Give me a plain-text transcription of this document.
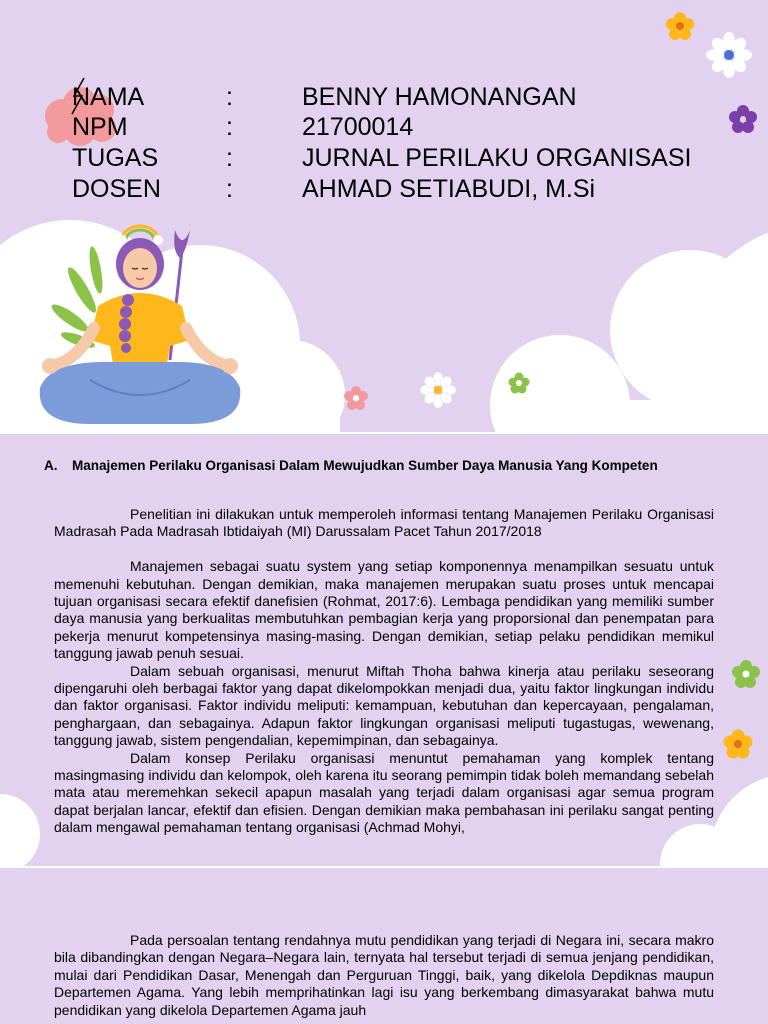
NAMA	:	BENNY HAMONANGAN
NPM	:	21700014
TUGAS	:	JURNAL PERILAKU ORGANISASI
DOSEN	:	AHMAD SETIABUDI, M.Si
A. Manajemen Perilaku Organisasi Dalam Mewujudkan Sumber Daya Manusia Yang Kompeten

Penelitian ini dilakukan untuk memperoleh informasi tentang Manajemen Perilaku Organisasi Madrasah Pada Madrasah Ibtidaiyah (MI) Darussalam Pacet Tahun 2017/2018

Manajemen sebagai suatu system yang setiap komponennya menampilkan sesuatu untuk memenuhi kebutuhan. Dengan demikian, maka manajemen merupakan suatu proses untuk mencapai tujuan organisasi secara efektif danefisien (Rohmat, 2017:6). Lembaga pendidikan yang memiliki sumber daya manusia yang berkualitas membutuhkan pembagian kerja yang proporsional dan penempatan para pekerja menurut kompetensinya masing-masing. Dengan demikian, setiap pelaku pendidikan memikul tanggung jawab penuh sesuai.

Dalam sebuah organisasi, menurut Miftah Thoha bahwa kinerja atau perilaku seseorang dipengaruhi oleh berbagai faktor yang dapat dikelompokkan menjadi dua, yaitu faktor lingkungan individu dan faktor organisasi. Faktor individu meliputi: kemampuan, kebutuhan dan kepercayaan, pengalaman, penghargaan, dan sebagainya. Adapun faktor lingkungan organisasi meliputi tugastugas, wewenang, tanggung jawab, sistem pengendalian, kepemimpinan, dan sebagainya.

Dalam konsep Perilaku organisasi menuntut pemahaman yang komplek tentang masingmasing individu dan kelompok, oleh karena itu seorang pemimpin tidak boleh memandang sebelah mata atau meremehkan sekecil apapun masalah yang terjadi dalam organisasi agar semua program dapat berjalan lancar, efektif dan efisien. Dengan demikian maka pembahasan ini perilaku sangat penting dalam mengawal pemahaman tentang organisasi (Achmad Mohyi,

Pada persoalan tentang rendahnya mutu pendidikan yang terjadi di Negara ini, secara makro bila dibandingkan dengan Negara–Negara lain, ternyata hal tersebut terjadi di semua jenjang pendidikan, mulai dari Pendidikan Dasar, Menengah dan Perguruan Tinggi, baik, yang dikelola Depdiknas maupun Departemen Agama. Yang lebih memprihatinkan lagi isu yang berkembang dimasyarakat bahwa mutu pendidikan yang dikelola Departemen Agama jauh
